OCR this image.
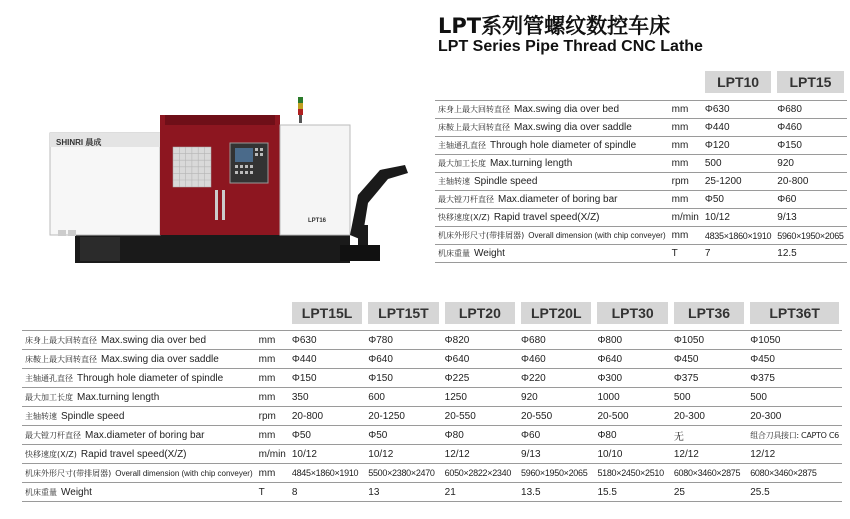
LPT系列管螺纹数控车床
LPT Series Pipe Thread CNC Lathe
SHINRI 晨成
LPT16

		LPT10	LPT15

床身上最大回转直径 Max.swing dia over bed	mm	Φ630	Φ680
床鞍上最大回转直径 Max.swing dia over saddle	mm	Φ440	Φ460
主轴通孔直径 Through hole diameter of spindle	mm	Φ120	Φ150
最大加工长度 Max.turning length	mm	500	920
主轴转速 Spindle speed	rpm	25-1200	20-800
最大镗刀杆直径 Max.diameter of boring bar	mm	Φ50	Φ60
快移速度(X/Z) Rapid travel speed(X/Z)	m/min	10/12	9/13
机床外形尺寸(带排屑器) Overall dimension (with chip conveyer)	mm	4835×1860×1910	5960×1950×2065
机床重量 Weight	T	7	12.5

		LPT15L	LPT15T	LPT20	LPT20L	LPT30	LPT36	LPT36T

床身上最大回转直径 Max.swing dia over bed	mm	Φ630	Φ780	Φ820	Φ680	Φ800	Φ1050	Φ1050
床鞍上最大回转直径 Max.swing dia over saddle	mm	Φ440	Φ640	Φ640	Φ460	Φ640	Φ450	Φ450
主轴通孔直径 Through hole diameter of spindle	mm	Φ150	Φ150	Φ225	Φ220	Φ300	Φ375	Φ375
最大加工长度 Max.turning length	mm	350	600	1250	920	1000	500	500
主轴转速 Spindle speed	rpm	20-800	20-1250	20-550	20-550	20-500	20-300	20-300
最大镗刀杆直径 Max.diameter of boring bar	mm	Φ50	Φ50	Φ80	Φ60	Φ80	无	组合刀具接口: CAPTO C6
快移速度(X/Z) Rapid travel speed(X/Z)	m/min	10/12	10/12	12/12	9/13	10/10	12/12	12/12
机床外形尺寸(带排屑器) Overall dimension (with chip conveyer)	mm	4845×1860×1910	5500×2380×2470	6050×2822×2340	5960×1950×2065	5180×2450×2510	6080×3460×2875	6080×3460×2875
机床重量 Weight	T	8	13	21	13.5	15.5	25	25.5
